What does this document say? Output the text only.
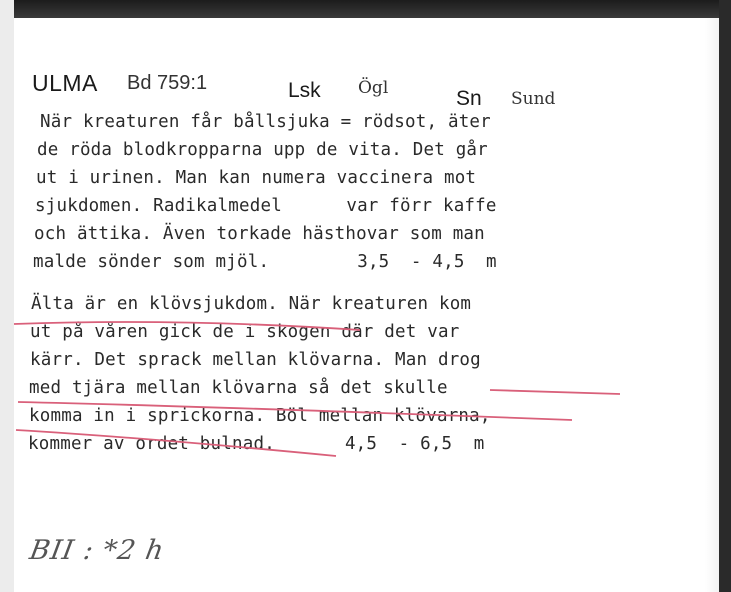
ULMA Bd 759:1	Lsk Ögl	Sn Sund
När kreaturen får bållsjuka = rödsot, äter
de röda blodkropparna upp de vita. Det går
ut i urinen. Man kan numera vaccinera mot
sjukdomen. Radikalmedel      var förr kaffe
och ättika. Även torkade hästhovar som man
malde sönder som mjöl.	3,5  - 4,5  m
Älta är en klövsjukdom. När kreaturen kom
ut på våren gick de i skogen där det var
kärr. Det sprack mellan klövarna. Man drog
med tjära mellan klövarna så det skulle
komma in i sprickorna. Böl mellan klövarna,
kommer av ordet bulnad.	4,5  - 6,5  m
BII : *2 h
